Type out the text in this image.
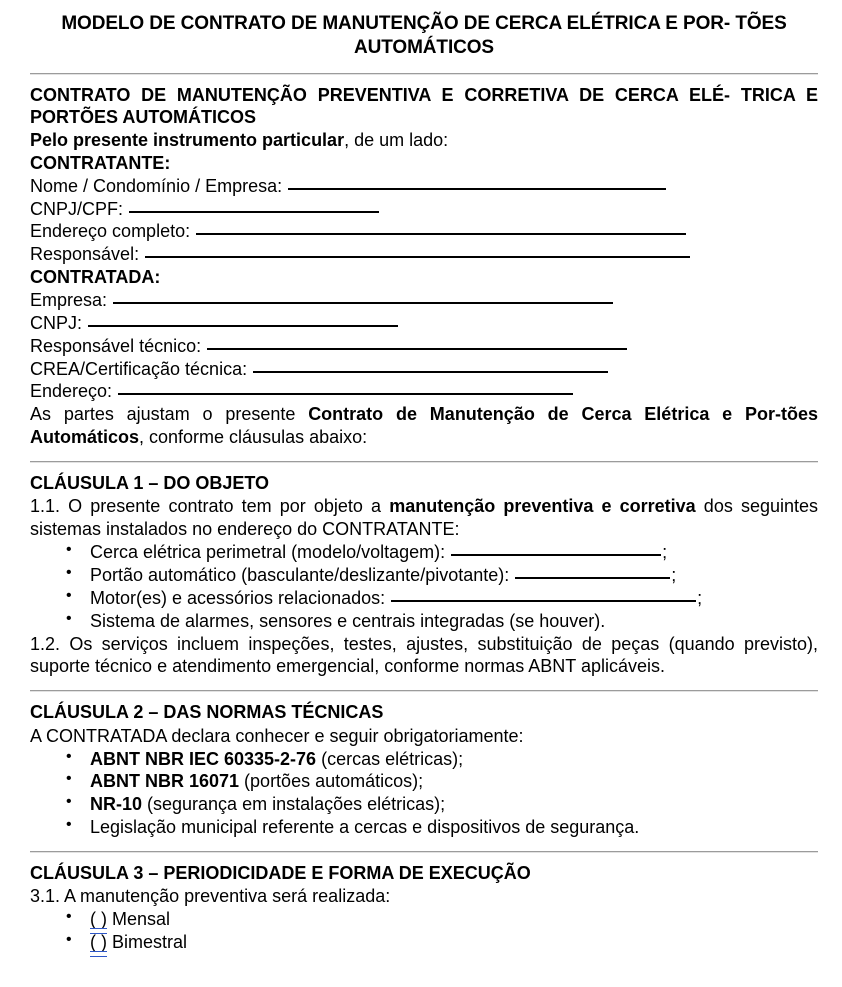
MODELO DE CONTRATO DE MANUTENÇÃO DE CERCA ELÉTRICA E POR- TÕES AUTOMÁTICOS
CONTRATO DE MANUTENÇÃO PREVENTIVA E CORRETIVA DE CERCA ELÉ- TRICA E PORTÕES AUTOMÁTICOS
Pelo presente instrumento particular, de um lado:
CONTRATANTE:
Nome / Condomínio / Empresa:
CNPJ/CPF:
Endereço completo:
Responsável:
CONTRATADA:
Empresa:
CNPJ:
Responsável técnico:
CREA/Certificação técnica:
Endereço:
As partes ajustam o presente Contrato de Manutenção de Cerca Elétrica e Por-tões Automáticos, conforme cláusulas abaixo:
CLÁUSULA 1 – DO OBJETO
1.1. O presente contrato tem por objeto a manutenção preventiva e corretiva dos seguintes sistemas instalados no endereço do CONTRATANTE:
• Cerca elétrica perimetral (modelo/voltagem):	;
• Portão automático (basculante/deslizante/pivotante):	;
• Motor(es) e acessórios relacionados:	;
• Sistema de alarmes, sensores e centrais integradas (se houver).
1.2. Os serviços incluem inspeções, testes, ajustes, substituição de peças (quando previsto), suporte técnico e atendimento emergencial, conforme normas ABNT aplicáveis.
CLÁUSULA 2 – DAS NORMAS TÉCNICAS
A CONTRATADA declara conhecer e seguir obrigatoriamente:
• ABNT NBR IEC 60335-2-76 (cercas elétricas);
• ABNT NBR 16071 (portões automáticos);
• NR-10 (segurança em instalações elétricas);
• Legislação municipal referente a cercas e dispositivos de segurança.
CLÁUSULA 3 – PERIODICIDADE E FORMA DE EXECUÇÃO
3.1. A manutenção preventiva será realizada:
• ( ) Mensal
• ( ) Bimestral
